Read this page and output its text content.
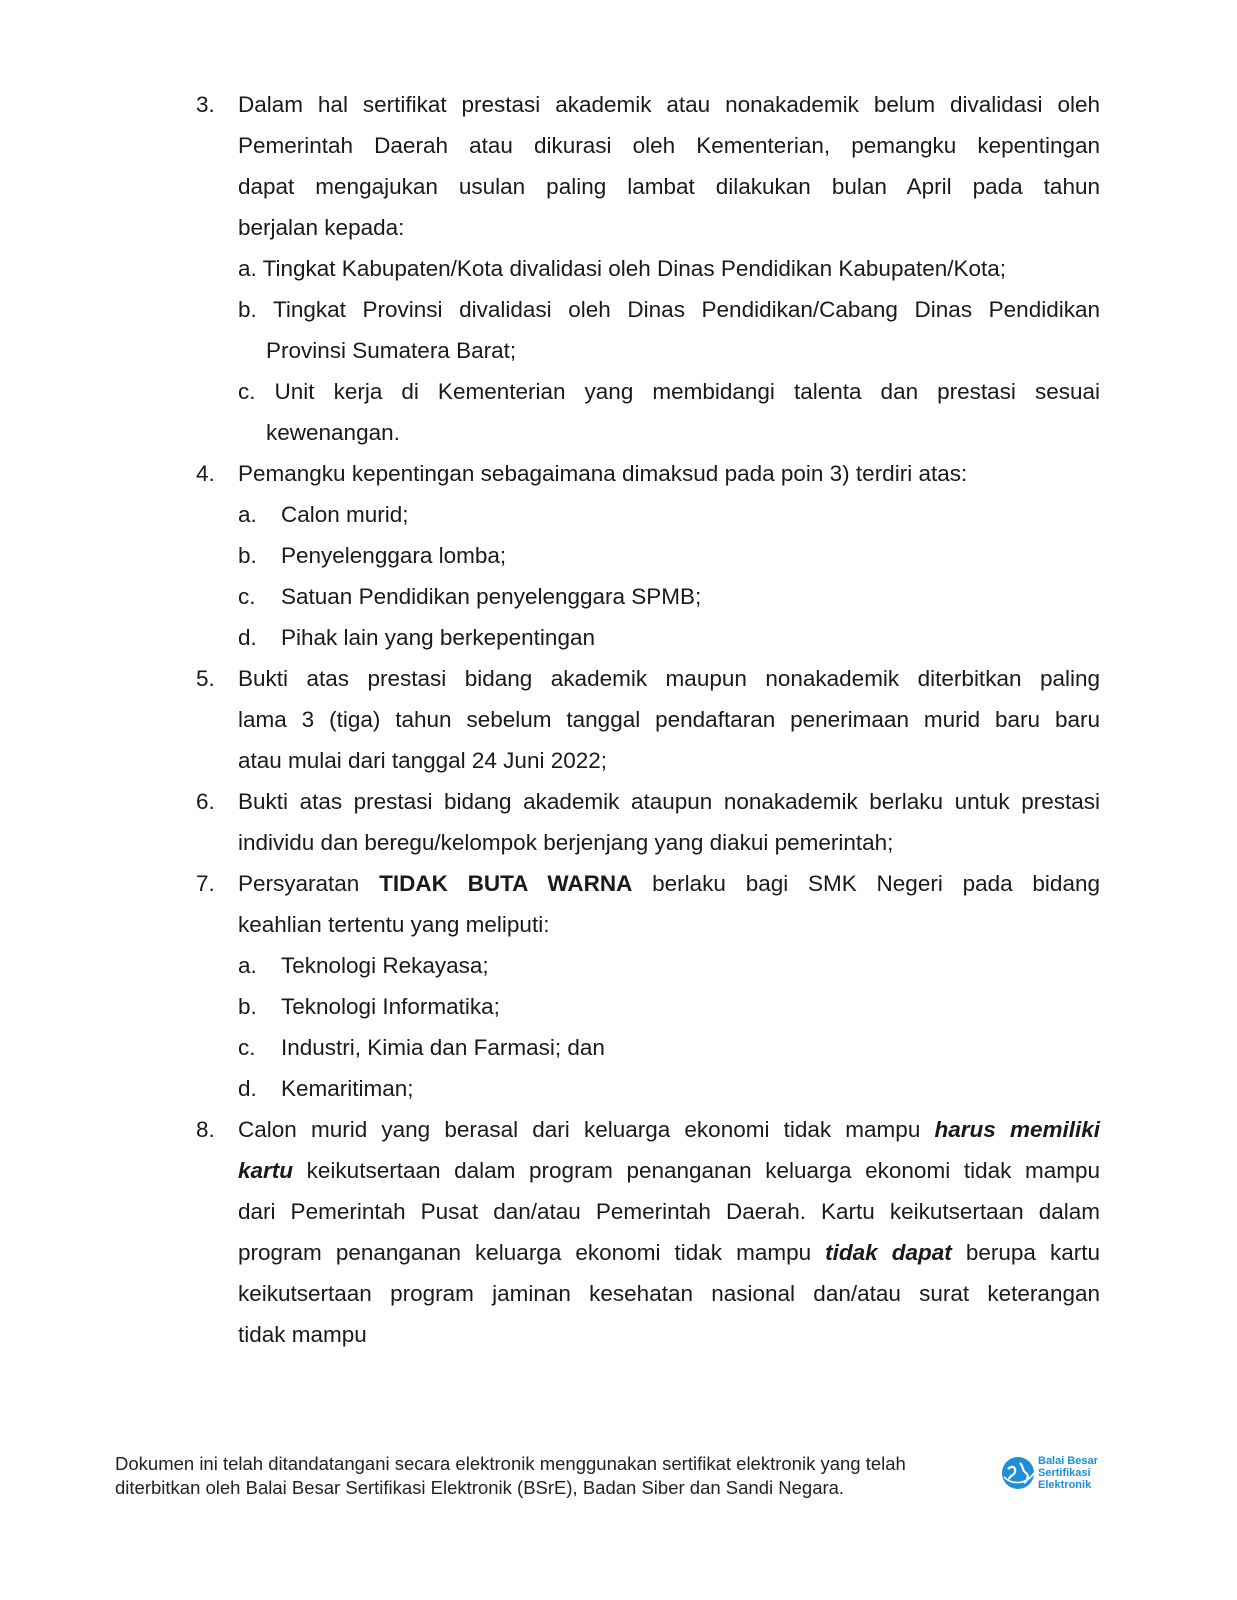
3. Dalam hal sertifikat prestasi akademik atau nonakademik belum divalidasi oleh
Pemerintah Daerah atau dikurasi oleh Kementerian, pemangku kepentingan
dapat mengajukan usulan paling lambat dilakukan bulan April pada tahun
berjalan kepada:
a. Tingkat Kabupaten/Kota divalidasi oleh Dinas Pendidikan Kabupaten/Kota;
b. Tingkat Provinsi divalidasi oleh Dinas Pendidikan/Cabang Dinas Pendidikan
Provinsi Sumatera Barat;
c. Unit kerja di Kementerian yang membidangi talenta dan prestasi sesuai
kewenangan.
4. Pemangku kepentingan sebagaimana dimaksud pada poin 3) terdiri atas:
a. Calon murid;
b. Penyelenggara lomba;
c. Satuan Pendidikan penyelenggara SPMB;
d. Pihak lain yang berkepentingan
5. Bukti atas prestasi bidang akademik maupun nonakademik diterbitkan paling
lama 3 (tiga) tahun sebelum tanggal pendaftaran penerimaan murid baru baru
atau mulai dari tanggal 24 Juni 2022;
6. Bukti atas prestasi bidang akademik ataupun nonakademik berlaku untuk prestasi
individu dan beregu/kelompok berjenjang yang diakui pemerintah;
7. Persyaratan TIDAK BUTA WARNA berlaku bagi SMK Negeri pada bidang
keahlian tertentu yang meliputi:
a. Teknologi Rekayasa;
b. Teknologi Informatika;
c. Industri, Kimia dan Farmasi; dan
d. Kemaritiman;
8. Calon murid yang berasal dari keluarga ekonomi tidak mampu harus memiliki
kartu keikutsertaan dalam program penanganan keluarga ekonomi tidak mampu
dari Pemerintah Pusat dan/atau Pemerintah Daerah. Kartu keikutsertaan dalam
program penanganan keluarga ekonomi tidak mampu tidak dapat berupa kartu
keikutsertaan program jaminan kesehatan nasional dan/atau surat keterangan
tidak mampu
Dokumen ini telah ditandatangani secara elektronik menggunakan sertifikat elektronik yang telah
diterbitkan oleh Balai Besar Sertifikasi Elektronik (BSrE), Badan Siber dan Sandi Negara.
Balai Besar
Sertifikasi
Elektronik
